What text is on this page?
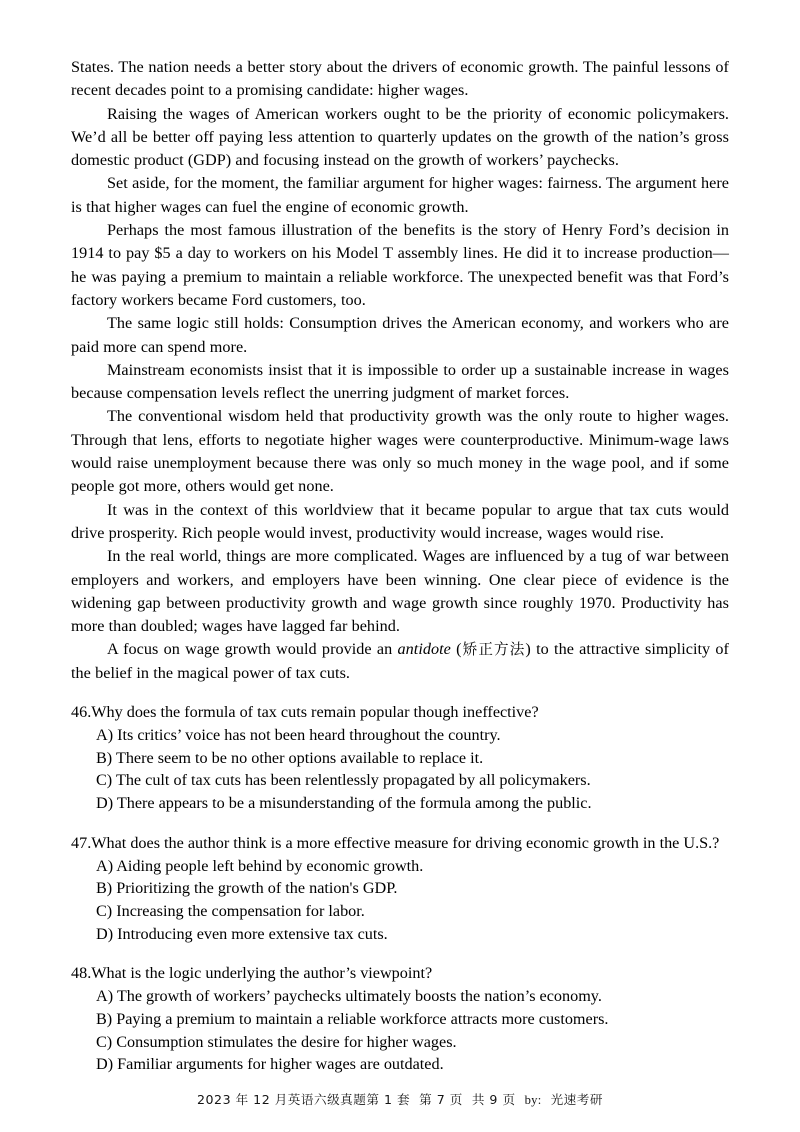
States. The nation needs a better story about the drivers of economic growth. The painful lessons of recent decades point to a promising candidate: higher wages.

Raising the wages of American workers ought to be the priority of economic policymakers. We’d all be better off paying less attention to quarterly updates on the growth of the nation’s gross domestic product (GDP) and focusing instead on the growth of workers’ paychecks.

Set aside, for the moment, the familiar argument for higher wages: fairness. The argument here is that higher wages can fuel the engine of economic growth.

Perhaps the most famous illustration of the benefits is the story of Henry Ford’s decision in 1914 to pay $5 a day to workers on his Model T assembly lines. He did it to increase production—he was paying a premium to maintain a reliable workforce. The unexpected benefit was that Ford’s factory workers became Ford customers, too.

The same logic still holds: Consumption drives the American economy, and workers who are paid more can spend more.

Mainstream economists insist that it is impossible to order up a sustainable increase in wages because compensation levels reflect the unerring judgment of market forces.

The conventional wisdom held that productivity growth was the only route to higher wages. Through that lens, efforts to negotiate higher wages were counterproductive. Minimum-wage laws would raise unemployment because there was only so much money in the wage pool, and if some people got more, others would get none.

It was in the context of this worldview that it became popular to argue that tax cuts would drive prosperity. Rich people would invest, productivity would increase, wages would rise.

In the real world, things are more complicated. Wages are influenced by a tug of war between employers and workers, and employers have been winning. One clear piece of evidence is the widening gap between productivity growth and wage growth since roughly 1970. Productivity has more than doubled; wages have lagged far behind.

A focus on wage growth would provide an antidote (矫正方法) to the attractive simplicity of the belief in the magical power of tax cuts.

46.Why does the formula of tax cuts remain popular though ineffective?

A) Its critics’ voice has not been heard throughout the country.
B) There seem to be no other options available to replace it.
C) The cult of tax cuts has been relentlessly propagated by all policymakers.
D) There appears to be a misunderstanding of the formula among the public.

47.What does the author think is a more effective measure for driving economic growth in the U.S.?

A) Aiding people left behind by economic growth.
B) Prioritizing the growth of the nation's GDP.
C) Increasing the compensation for labor.
D) Introducing even more extensive tax cuts.

48.What is the logic underlying the author’s viewpoint?

A) The growth of workers’ paychecks ultimately boosts the nation’s economy.
B) Paying a premium to maintain a reliable workforce attracts more customers.
C) Consumption stimulates the desire for higher wages.
D) Familiar arguments for higher wages are outdated.
2023 年 12 月英语六级真题第 1 套 第 7 页 共 9 页 by: 光速考研
